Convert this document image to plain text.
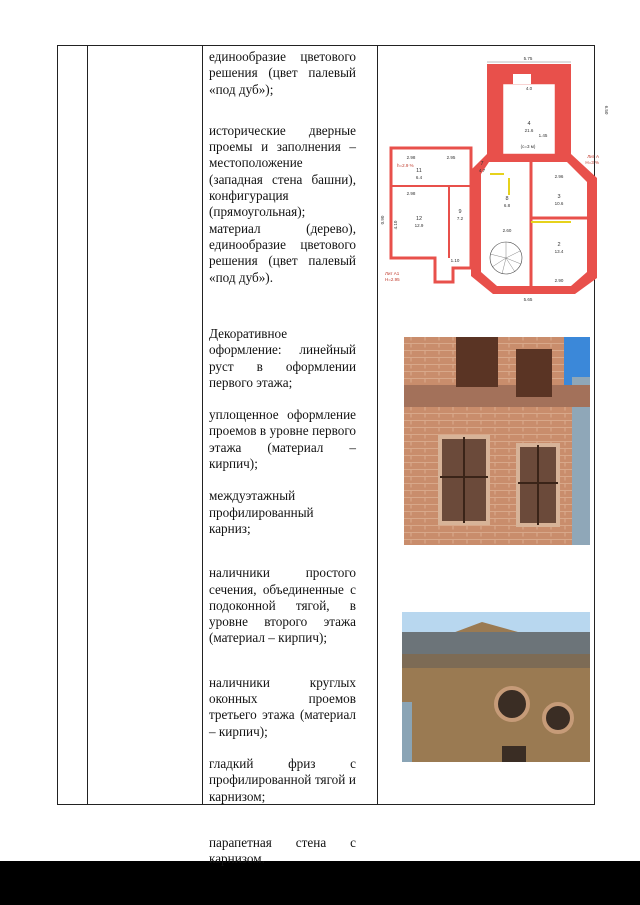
единообразие цветового решения (цвет палевый «под дуб»);

исторические дверные проемы и заполнения – местоположение (западная стена башни), конфигурация (прямоугольная); материал (дерево), единообразие цветового решения (цвет палевый «под дуб»).

Декоративное оформление: линейный руст в оформлении первого этажа;

уплощенное оформление проемов в уровне первого этажа (материал – кирпич);

междуэтажный профилированный карниз;

наличники простого сечения, объединенные с подоконной тягой, в уровне второго этажа (материал – кирпич);

наличники круглых оконных проемов третьего этажа (материал – кирпич);

гладкий фриз с профилированной тягой и карнизом;

парапетная стена с карнизом.

5.75
4.0
4
21.6
1.45
2.96
3
10.6
2
13.4
2.90
8
6.8
2.60
(с=3 м)
2.98	2.95
11
6.4
2.98
12
12.9
9
7.2
7
4.7
4.10
1.10
5.65
0.90
6.50
Лит А
Н=3 %
Лит А1
Н=2.95
h=2.9 %
